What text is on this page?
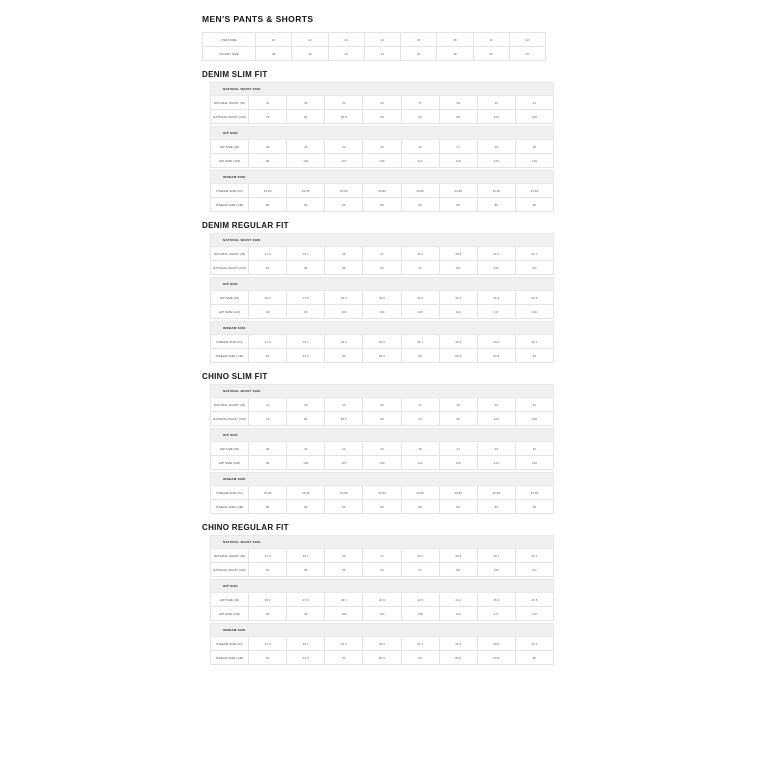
MEN'S PANTS & SHORTS
ITEM SIZE	30	32	33	34	36	38	40	42
JACKET SIZE	38	40	42	44	46	48	50	52
DENIM SLIM FIT
NATURAL WAIST SIZE								
NATURAL WAIST (IN)	31	33	34	35	37	39	40	41
NATURAL WAIST (CM)	79	84	86.5	89	94	98	104	108
HIP SIZE								
HIP SIZE (IN)	39	41	42	43	45	47	49	51
HIP SIZE (CM)	99	104	107	109	114	119	124	129
INSEAM SIZE								
INSEAM SIZE (IN)	33.86	33.86	33.86	33.86	33.86	33.86	33.86	33.86
INSEAM SIZE (CM)	86	86	86	86	86	86	86	86
DENIM REGULAR FIT
NATURAL WAIST SIZE								
NATURAL WAIST (IN)	31.9	32.1	35	37	39.2	39.8	40.7	40.7
NATURAL WAIST (CM)	81	85	89	93	97	101	106	111
HIP SIZE								
HIP SIZE (IN)	36.2	37.8	39.4	40.9	42.5	44.1	45.2	46.5
HIP SIZE (CM)	92	96	100	104	108	112	117	119
INSEAM SIZE								
INSEAM SIZE (IN)	31.9	32.1	32.3	32.5	32.7	32.9	33.0	33.1
INSEAM SIZE (CM)	81	81.5	82	82.5	83	83.5	83.8	84
CHINO SLIM FIT
NATURAL WAIST SIZE								
NATURAL WAIST (IN)	31	33	34	35	37	39	40	41
NATURAL WAIST (CM)	79	84	86.5	89	94	98	104	108
HIP SIZE								
HIP SIZE (IN)	39	41	42	43	45	47	49	51
HIP SIZE (CM)	99	104	107	109	114	119	124	129
INSEAM SIZE								
INSEAM SIZE (IN)	33.86	33.86	33.86	33.86	33.86	33.86	33.86	33.86
INSEAM SIZE (CM)	86	86	86	86	86	86	86	86
CHINO REGULAR FIT
NATURAL WAIST SIZE								
NATURAL WAIST (IN)	31.9	32.1	35	37	39.2	39.8	40.7	40.7
NATURAL WAIST (CM)	81	85	89	93	97	101	106	111
HIP SIZE								
HIP SIZE (IN)	36.2	37.8	39.4	40.9	42.5	44.1	45.2	46.5
HIP SIZE (CM)	92	96	100	104	108	112	117	119
INSEAM SIZE								
INSEAM SIZE (IN)	31.9	32.1	32.3	32.5	32.7	32.9	33.0	33.1
INSEAM SIZE (CM)	81	81.5	82	82.5	83	83.5	83.8	84
